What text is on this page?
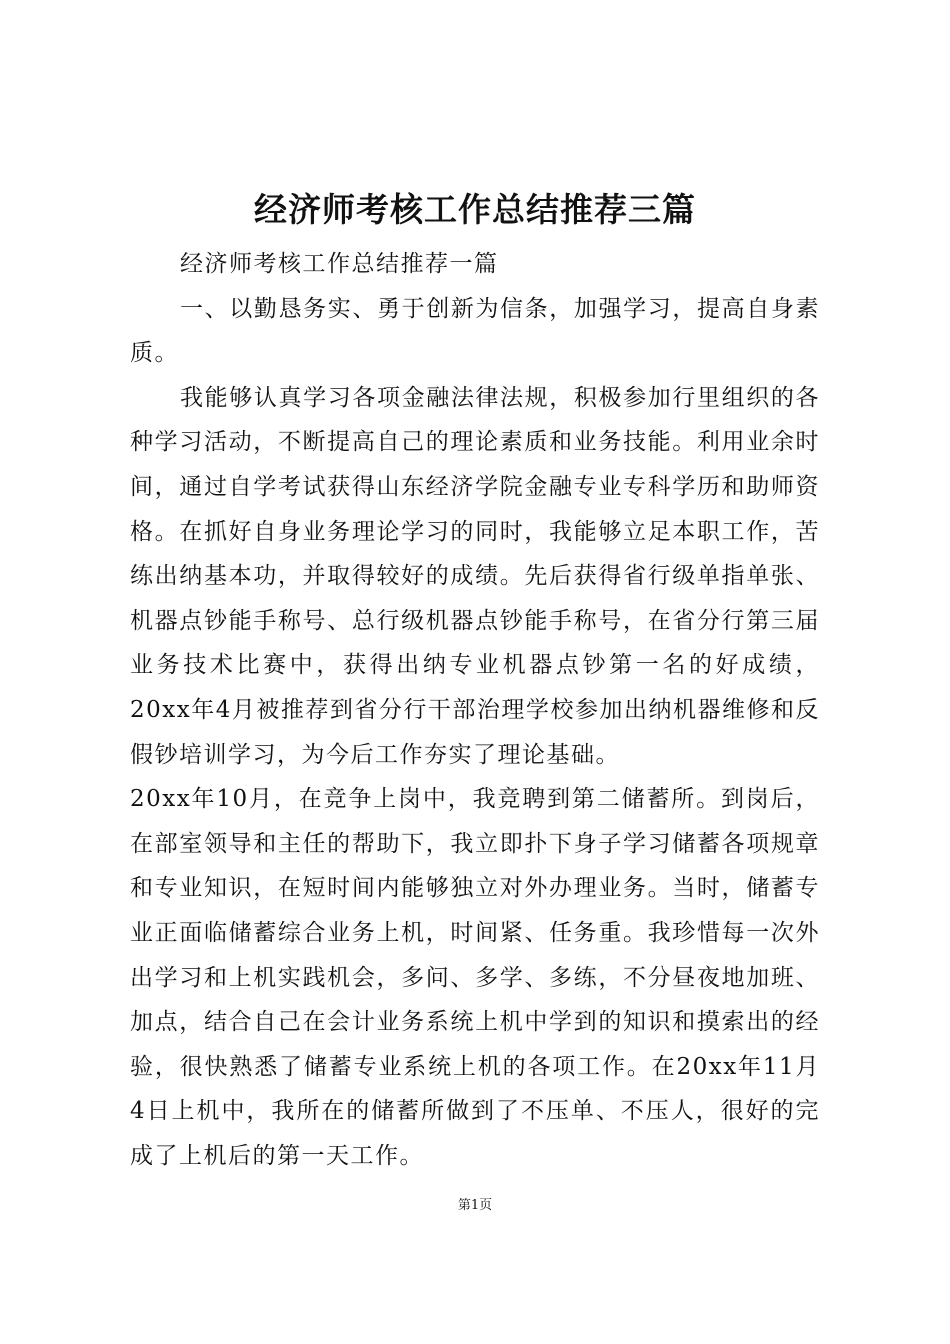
经济师考核工作总结推荐三篇

经济师考核工作总结推荐一篇

一、以勤恳务实、勇于创新为信条，加强学习，提高自身素质。

我能够认真学习各项金融法律法规，积极参加行里组织的各种学习活动，不断提高自己的理论素质和业务技能。利用业余时间，通过自学考试获得山东经济学院金融专业专科学历和助师资格。在抓好自身业务理论学习的同时，我能够立足本职工作，苦练出纳基本功，并取得较好的成绩。先后获得省行级单指单张、机器点钞能手称号、总行级机器点钞能手称号，在省分行第三届业务技术比赛中，获得出纳专业机器点钞第一名的好成绩，20xx年4月被推荐到省分行干部治理学校参加出纳机器维修和反假钞培训学习，为今后工作夯实了理论基础。

20xx年10月，在竞争上岗中，我竞聘到第二储蓄所。到岗后，在部室领导和主任的帮助下，我立即扑下身子学习储蓄各项规章和专业知识，在短时间内能够独立对外办理业务。当时，储蓄专业正面临储蓄综合业务上机，时间紧、任务重。我珍惜每一次外出学习和上机实践机会，多问、多学、多练，不分昼夜地加班、加点，结合自己在会计业务系统上机中学到的知识和摸索出的经验，很快熟悉了储蓄专业系统上机的各项工作。在20xx年11月4日上机中，我所在的储蓄所做到了不压单、不压人，很好的完成了上机后的第一天工作。

第1页
